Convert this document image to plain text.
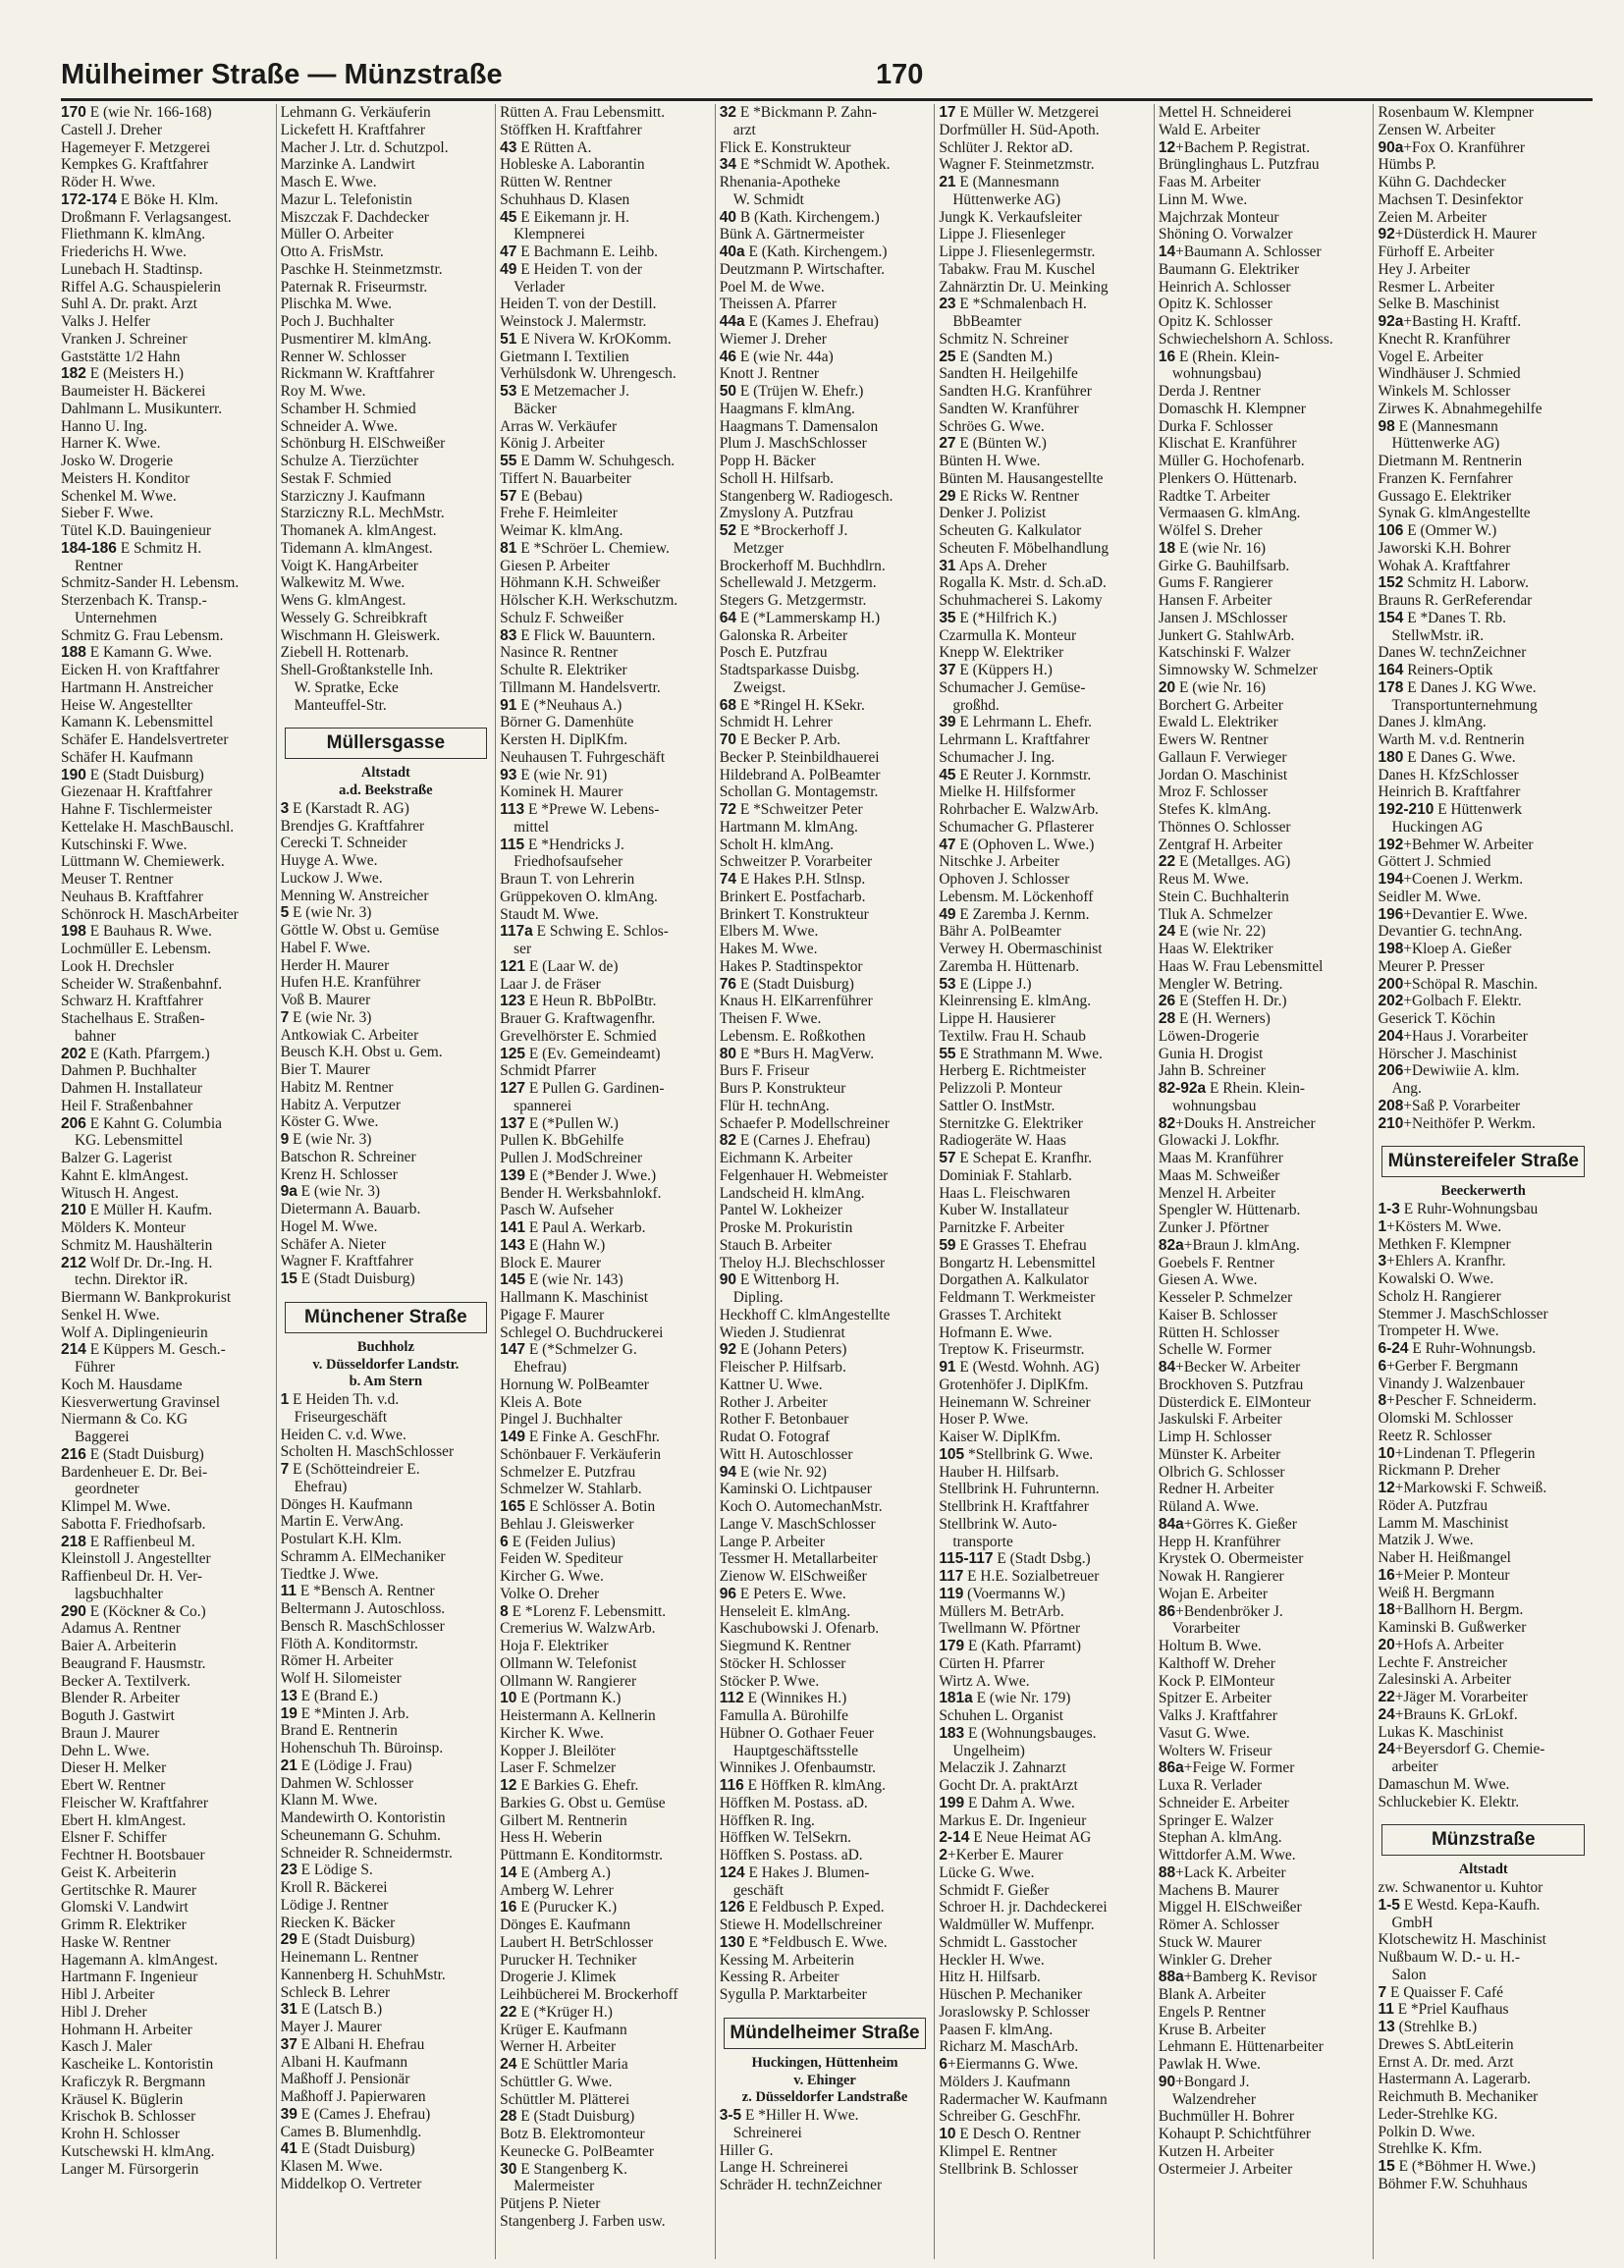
Mülheimer Straße — Münzstraße	170
170 E (wie Nr. 166-168)
Castell J. Dreher
Hagemeyer F. Metzgerei
Kempkes G. Kraftfahrer
Röder H. Wwe.
172-174 E Böke H. Klm.
Droßmann F. Verlagsangest.
Fliethmann K. klmAng.
Friederichs H. Wwe.
Lunebach H. Stadtinsp.
Riffel A.G. Schauspielerin
Suhl A. Dr. prakt. Arzt
Valks J. Helfer
Vranken J. Schreiner
Gaststätte 1/2 Hahn
182 E (Meisters H.)
Baumeister H. Bäckerei
Dahlmann L. Musikunterr.
Hanno U. Ing.
Harner K. Wwe.
Josko W. Drogerie
Meisters H. Konditor
Schenkel M. Wwe.
Sieber F. Wwe.
Tütel K.D. Bauingenieur
184-186 E Schmitz H.
Rentner
Schmitz-Sander H. Lebensm.
Sterzenbach K. Transp.-
Unternehmen
Schmitz G. Frau Lebensm.
188 E Kamann G. Wwe.
Eicken H. von Kraftfahrer
Hartmann H. Anstreicher
Heise W. Angestellter
Kamann K. Lebensmittel
Schäfer E. Handelsvertreter
Schäfer H. Kaufmann
190 E (Stadt Duisburg)
Giezenaar H. Kraftfahrer
Hahne F. Tischlermeister
Kettelake H. MaschBauschl.
Kutschinski F. Wwe.
Lüttmann W. Chemiewerk.
Meuser T. Rentner
Neuhaus B. Kraftfahrer
Schönrock H. MaschArbeiter
198 E Bauhaus R. Wwe.
Lochmüller E. Lebensm.
Look H. Drechsler
Scheider W. Straßenbahnf.
Schwarz H. Kraftfahrer
Stachelhaus E. Straßen-
bahner
202 E (Kath. Pfarrgem.)
Dahmen P. Buchhalter
Dahmen H. Installateur
Heil F. Straßenbahner
206 E Kahnt G. Columbia
KG. Lebensmittel
Balzer G. Lagerist
Kahnt E. klmAngest.
Witusch H. Angest.
210 E Müller H. Kaufm.
Mölders K. Monteur
Schmitz M. Haushälterin
212 Wolf Dr. Dr.-Ing. H.
techn. Direktor iR.
Biermann W. Bankprokurist
Senkel H. Wwe.
Wolf A. Diplingenieurin
214 E Küppers M. Gesch.-
Führer
Koch M. Hausdame
Kiesverwertung Gravinsel
Niermann & Co. KG
Baggerei
216 E (Stadt Duisburg)
Bardenheuer E. Dr. Bei-
geordneter
Klimpel M. Wwe.
Sabotta F. Friedhofsarb.
218 E Raffienbeul M.
Kleinstoll J. Angestellter
Raffienbeul Dr. H. Ver-
lagsbuchhalter
290 E (Köckner & Co.)
Adamus A. Rentner
Baier A. Arbeiterin
Beaugrand F. Hausmstr.
Becker A. Textilverk.
Blender R. Arbeiter
Boguth J. Gastwirt
Braun J. Maurer
Dehn L. Wwe.
Dieser H. Melker
Ebert W. Rentner
Fleischer W. Kraftfahrer
Ebert H. klmAngest.
Elsner F. Schiffer
Fechtner H. Bootsbauer
Geist K. Arbeiterin
Gertitschke R. Maurer
Glomski V. Landwirt
Grimm R. Elektriker
Haske W. Rentner
Hagemann A. klmAngest.
Hartmann F. Ingenieur
Hibl J. Arbeiter
Hibl J. Dreher
Hohmann H. Arbeiter
Kasch J. Maler
Kascheike L. Kontoristin
Kraficzyk R. Bergmann
Kräusel K. Büglerin
Krischok B. Schlosser
Krohn H. Schlosser
Kutschewski H. klmAng.
Langer M. Fürsorgerin
Lehmann G. Verkäuferin
Lickefett H. Kraftfahrer
Macher J. Ltr. d. Schutzpol.
Marzinke A. Landwirt
Masch E. Wwe.
Mazur L. Telefonistin
Miszczak F. Dachdecker
Müller O. Arbeiter
Otto A. FrisMstr.
Paschke H. Steinmetzmstr.
Paternak R. Friseurmstr.
Plischka M. Wwe.
Poch J. Buchhalter
Pusmentirer M. klmAng.
Renner W. Schlosser
Rickmann W. Kraftfahrer
Roy M. Wwe.
Schamber H. Schmied
Schneider A. Wwe.
Schönburg H. ElSchweißer
Schulze A. Tierzüchter
Sestak F. Schmied
Starziczny J. Kaufmann
Starziczny R.L. MechMstr.
Thomanek A. klmAngest.
Tidemann A. klmAngest.
Voigt K. HangArbeiter
Walkewitz M. Wwe.
Wens G. klmAngest.
Wessely G. Schreibkraft
Wischmann H. Gleiswerk.
Ziebell H. Rottenarb.
Shell-Großtankstelle Inh.
W. Spratke, Ecke
Manteuffel-Str.
Müllersgasse
Altstadt
a.d. Beekstraße
3 E (Karstadt R. AG)
Brendjes G. Kraftfahrer
Cerecki T. Schneider
Huyge A. Wwe.
Luckow J. Wwe.
Menning W. Anstreicher
5 E (wie Nr. 3)
Göttle W. Obst u. Gemüse
Habel F. Wwe.
Herder H. Maurer
Hufen H.E. Kranführer
Voß B. Maurer
7 E (wie Nr. 3)
Antkowiak C. Arbeiter
Beusch K.H. Obst u. Gem.
Bier T. Maurer
Habitz M. Rentner
Habitz A. Verputzer
Köster G. Wwe.
9 E (wie Nr. 3)
Batschon R. Schreiner
Krenz H. Schlosser
9a E (wie Nr. 3)
Dietermann A. Bauarb.
Hogel M. Wwe.
Schäfer A. Nieter
Wagner F. Kraftfahrer
15 E (Stadt Duisburg)
Münchener Straße
Buchholz
v. Düsseldorfer Landstr.
b. Am Stern
1 E Heiden Th. v.d.
Friseurgeschäft
Heiden C. v.d. Wwe.
Scholten H. MaschSchlosser
7 E (Schötteindreier E.
Ehefrau)
Dönges H. Kaufmann
Martin E. VerwAng.
Postulart K.H. Klm.
Schramm A. ElMechaniker
Tiedtke J. Wwe.
11 E *Bensch A. Rentner
Beltermann J. Autoschloss.
Bensch R. MaschSchlosser
Flöth A. Konditormstr.
Römer H. Arbeiter
Wolf H. Silomeister
13 E (Brand E.)
19 E *Minten J. Arb.
Brand E. Rentnerin
Hohenschuh Th. Büroinsp.
21 E (Lödige J. Frau)
Dahmen W. Schlosser
Klann M. Wwe.
Mandewirth O. Kontoristin
Scheunemann G. Schuhm.
Schneider R. Schneidermstr.
23 E Lödige S.
Kroll R. Bäckerei
Lödige J. Rentner
Riecken K. Bäcker
29 E (Stadt Duisburg)
Heinemann L. Rentner
Kannenberg H. SchuhMstr.
Schleck B. Lehrer
31 E (Latsch B.)
Mayer J. Maurer
37 E Albani H. Ehefrau
Albani H. Kaufmann
Maßhoff J. Pensionär
Maßhoff J. Papierwaren
39 E (Cames J. Ehefrau)
Cames B. Blumenhdlg.
41 E (Stadt Duisburg)
Klasen M. Wwe.
Middelkop O. Vertreter
Rütten A. Frau Lebensmitt.
Stöffken H. Kraftfahrer
43 E Rütten A.
Hobleske A. Laborantin
Rütten W. Rentner
Schuhhaus D. Klasen
45 E Eikemann jr. H.
Klempnerei
47 E Bachmann E. Leihb.
49 E Heiden T. von der
Verlader
Heiden T. von der Destill.
Weinstock J. Malermstr.
51 E Nivera W. KrOKomm.
Gietmann I. Textilien
Verhülsdonk W. Uhrengesch.
53 E Metzemacher J.
Bäcker
Arras W. Verkäufer
König J. Arbeiter
55 E Damm W. Schuhgesch.
Tiffert N. Bauarbeiter
57 E (Bebau)
Frehe F. Heimleiter
Weimar K. klmAng.
81 E *Schröer L. Chemiew.
Giesen P. Arbeiter
Höhmann K.H. Schweißer
Hölscher K.H. Werkschutzm.
Schulz F. Schweißer
83 E Flick W. Bauuntern.
Nasince R. Rentner
Schulte R. Elektriker
Tillmann M. Handelsvertr.
91 E (*Neuhaus A.)
Börner G. Damenhüte
Kersten H. DiplKfm.
Neuhausen T. Fuhrgeschäft
93 E (wie Nr. 91)
Kominek H. Maurer
113 E *Prewe W. Lebens-
mittel
115 E *Hendricks J.
Friedhofsaufseher
Braun T. von Lehrerin
Grüppekoven O. klmAng.
Staudt M. Wwe.
117a E Schwing E. Schlos-
ser
121 E (Laar W. de)
Laar J. de Fräser
123 E Heun R. BbPolBtr.
Brauer G. Kraftwagenfhr.
Grevelhörster E. Schmied
125 E (Ev. Gemeindeamt)
Schmidt Pfarrer
127 E Pullen G. Gardinen-
spannerei
137 E (*Pullen W.)
Pullen K. BbGehilfe
Pullen J. ModSchreiner
139 E (*Bender J. Wwe.)
Bender H. Werksbahnlokf.
Pasch W. Aufseher
141 E Paul A. Werkarb.
143 E (Hahn W.)
Block E. Maurer
145 E (wie Nr. 143)
Hallmann K. Maschinist
Pigage F. Maurer
Schlegel O. Buchdruckerei
147 E (*Schmelzer G.
Ehefrau)
Hornung W. PolBeamter
Kleis A. Bote
Pingel J. Buchhalter
149 E Finke A. GeschFhr.
Schönbauer F. Verkäuferin
Schmelzer E. Putzfrau
Schmelzer W. Stahlarb.
165 E Schlösser A. Botin
Behlau J. Gleiswerker
6 E (Feiden Julius)
Feiden W. Spediteur
Kircher G. Wwe.
Volke O. Dreher
8 E *Lorenz F. Lebensmitt.
Cremerius W. WalzwArb.
Hoja F. Elektriker
Ollmann W. Telefonist
Ollmann W. Rangierer
10 E (Portmann K.)
Heistermann A. Kellnerin
Kircher K. Wwe.
Kopper J. Bleilöter
Laser F. Schmelzer
12 E Barkies G. Ehefr.
Barkies G. Obst u. Gemüse
Gilbert M. Rentnerin
Hess H. Weberin
Püttmann E. Konditormstr.
14 E (Amberg A.)
Amberg W. Lehrer
16 E (Purucker K.)
Dönges E. Kaufmann
Laubert H. BetrSchlosser
Purucker H. Techniker
Drogerie J. Klimek
Leihbücherei M. Brockerhoff
22 E (*Krüger H.)
Krüger E. Kaufmann
Werner H. Arbeiter
24 E Schüttler Maria
Schüttler G. Wwe.
Schüttler M. Plätterei
28 E (Stadt Duisburg)
Botz B. Elektromonteur
Keunecke G. PolBeamter
30 E Stangenberg K.
Malermeister
Pütjens P. Nieter
Stangenberg J. Farben usw.
32 E *Bickmann P. Zahn-
arzt
Flick E. Konstrukteur
34 E *Schmidt W. Apothek.
Rhenania-Apotheke
W. Schmidt
40 B (Kath. Kirchengem.)
Bünk A. Gärtnermeister
40a E (Kath. Kirchengem.)
Deutzmann P. Wirtschafter.
Poel M. de Wwe.
Theissen A. Pfarrer
44a E (Kames J. Ehefrau)
Wiemer J. Dreher
46 E (wie Nr. 44a)
Knott J. Rentner
50 E (Trüjen W. Ehefr.)
Haagmans F. klmAng.
Haagmans T. Damensalon
Plum J. MaschSchlosser
Popp H. Bäcker
Scholl H. Hilfsarb.
Stangenberg W. Radiogesch.
Zmyslony A. Putzfrau
52 E *Brockerhoff J.
Metzger
Brockerhoff M. Buchhdlrn.
Schellewald J. Metzgerm.
Stegers G. Metzgermstr.
64 E (*Lammerskamp H.)
Galonska R. Arbeiter
Posch E. Putzfrau
Stadtsparkasse Duisbg.
Zweigst.
68 E *Ringel H. KSekr.
Schmidt H. Lehrer
70 E Becker P. Arb.
Becker P. Steinbildhauerei
Hildebrand A. PolBeamter
Schollan G. Montagemstr.
72 E *Schweitzer Peter
Hartmann M. klmAng.
Scholt H. klmAng.
Schweitzer P. Vorarbeiter
74 E Hakes P.H. Stlnsp.
Brinkert E. Postfacharb.
Brinkert T. Konstrukteur
Elbers M. Wwe.
Hakes M. Wwe.
Hakes P. Stadtinspektor
76 E (Stadt Duisburg)
Knaus H. ElKarrenführer
Theisen F. Wwe.
Lebensm. E. Roßkothen
80 E *Burs H. MagVerw.
Burs F. Friseur
Burs P. Konstrukteur
Flür H. technAng.
Schaefer P. Modellschreiner
82 E (Carnes J. Ehefrau)
Eichmann K. Arbeiter
Felgenhauer H. Webmeister
Landscheid H. klmAng.
Pantel W. Lokheizer
Proske M. Prokuristin
Stauch B. Arbeiter
Theloy H.J. Blechschlosser
90 E Wittenborg H.
Dipling.
Heckhoff C. klmAngestellte
Wieden J. Studienrat
92 E (Johann Peters)
Fleischer P. Hilfsarb.
Kattner U. Wwe.
Rother J. Arbeiter
Rother F. Betonbauer
Rudat O. Fotograf
Witt H. Autoschlosser
94 E (wie Nr. 92)
Kaminski O. Lichtpauser
Koch O. AutomechanMstr.
Lange V. MaschSchlosser
Lange P. Arbeiter
Tessmer H. Metallarbeiter
Zienow W. ElSchweißer
96 E Peters E. Wwe.
Henseleit E. klmAng.
Kaschubowski J. Ofenarb.
Siegmund K. Rentner
Stöcker H. Schlosser
Stöcker P. Wwe.
112 E (Winnikes H.)
Famulla A. Bürohilfe
Hübner O. Gothaer Feuer
Hauptgeschäftsstelle
Winnikes J. Ofenbaumstr.
116 E Höffken R. klmAng.
Höffken M. Postass. aD.
Höffken R. Ing.
Höffken W. TelSekrn.
Höffken S. Postass. aD.
124 E Hakes J. Blumen-
geschäft
126 E Feldbusch P. Exped.
Stiewe H. Modellschreiner
130 E *Feldbusch E. Wwe.
Kessing M. Arbeiterin
Kessing R. Arbeiter
Sygulla P. Marktarbeiter
Mündelheimer Straße
Huckingen, Hüttenheim
v. Ehinger
z. Düsseldorfer Landstraße
3-5 E *Hiller H. Wwe.
Schreinerei
Hiller G.
Lange H. Schreinerei
Schräder H. technZeichner
17 E Müller W. Metzgerei
Dorfmüller H. Süd-Apoth.
Schlüter J. Rektor aD.
Wagner F. Steinmetzmstr.
21 E (Mannesmann
Hüttenwerke AG)
Jungk K. Verkaufsleiter
Lippe J. Fliesenleger
Lippe J. Fliesenlegermstr.
Tabakw. Frau M. Kuschel
Zahnärztin Dr. U. Meinking
23 E *Schmalenbach H.
BbBeamter
Schmitz N. Schreiner
25 E (Sandten M.)
Sandten H. Heilgehilfe
Sandten H.G. Kranführer
Sandten W. Kranführer
Schröes G. Wwe.
27 E (Bünten W.)
Bünten H. Wwe.
Bünten M. Hausangestellte
29 E Ricks W. Rentner
Denker J. Polizist
Scheuten G. Kalkulator
Scheuten F. Möbelhandlung
31 Aps A. Dreher
Rogalla K. Mstr. d. Sch.aD.
Schuhmacherei S. Lakomy
35 E (*Hilfrich K.)
Czarmulla K. Monteur
Knepp W. Elektriker
37 E (Küppers H.)
Schumacher J. Gemüse-
großhd.
39 E Lehrmann L. Ehefr.
Lehrmann L. Kraftfahrer
Schumacher J. Ing.
45 E Reuter J. Kornmstr.
Mielke H. Hilfsformer
Rohrbacher E. WalzwArb.
Schumacher G. Pflasterer
47 E (Ophoven L. Wwe.)
Nitschke J. Arbeiter
Ophoven J. Schlosser
Lebensm. M. Löckenhoff
49 E Zaremba J. Kernm.
Bähr A. PolBeamter
Verwey H. Obermaschinist
Zaremba H. Hüttenarb.
53 E (Lippe J.)
Kleinrensing E. klmAng.
Lippe H. Hausierer
Textilw. Frau H. Schaub
55 E Strathmann M. Wwe.
Herberg E. Richtmeister
Pelizzoli P. Monteur
Sattler O. InstMstr.
Sternitzke G. Elektriker
Radiogeräte W. Haas
57 E Schepat E. Kranfhr.
Dominiak F. Stahlarb.
Haas L. Fleischwaren
Kuber W. Installateur
Parnitzke F. Arbeiter
59 E Grasses T. Ehefrau
Bongartz H. Lebensmittel
Dorgathen A. Kalkulator
Feldmann T. Werkmeister
Grasses T. Architekt
Hofmann E. Wwe.
Treptow K. Friseurmstr.
91 E (Westd. Wohnh. AG)
Grotenhöfer J. DiplKfm.
Heinemann W. Schreiner
Hoser P. Wwe.
Kaiser W. DiplKfm.
105 *Stellbrink G. Wwe.
Hauber H. Hilfsarb.
Stellbrink H. Fuhrunternn.
Stellbrink H. Kraftfahrer
Stellbrink W. Auto-
transporte
115-117 E (Stadt Dsbg.)
117 E H.E. Sozialbetreuer
119 (Voermanns W.)
Müllers M. BetrArb.
Twellmann W. Pförtner
179 E (Kath. Pfarramt)
Cürten H. Pfarrer
Wirtz A. Wwe.
181a E (wie Nr. 179)
Schuhen L. Organist
183 E (Wohnungsbauges.
Ungelheim)
Melaczik J. Zahnarzt
Gocht Dr. A. praktArzt
199 E Dahm A. Wwe.
Markus E. Dr. Ingenieur
2-14 E Neue Heimat AG
2+Kerber E. Maurer
Lücke G. Wwe.
Schmidt F. Gießer
Schroer H. jr. Dachdeckerei
Waldmüller W. Muffenpr.
Schmidt L. Gasstocher
Heckler H. Wwe.
Hitz H. Hilfsarb.
Hüschen P. Mechaniker
Joraslowsky P. Schlosser
Paasen F. klmAng.
Richarz M. MaschArb.
6+Eiermanns G. Wwe.
Mölders J. Kaufmann
Radermacher W. Kaufmann
Schreiber G. GeschFhr.
10 E Desch O. Rentner
Klimpel E. Rentner
Stellbrink B. Schlosser
Mettel H. Schneiderei
Wald E. Arbeiter
12+Bachem P. Registrat.
Brünglinghaus L. Putzfrau
Faas M. Arbeiter
Linn M. Wwe.
Majchrzak Monteur
Shöning O. Vorwalzer
14+Baumann A. Schlosser
Baumann G. Elektriker
Heinrich A. Schlosser
Opitz K. Schlosser
Opitz K. Schlosser
Schwiechelshorn A. Schloss.
16 E (Rhein. Klein-
wohnungsbau)
Derda J. Rentner
Domaschk H. Klempner
Durka F. Schlosser
Klischat E. Kranführer
Müller G. Hochofenarb.
Plenkers O. Hüttenarb.
Radtke T. Arbeiter
Vermaasen G. klmAng.
Wölfel S. Dreher
18 E (wie Nr. 16)
Girke G. Bauhilfsarb.
Gums F. Rangierer
Hansen F. Arbeiter
Jansen J. MSchlosser
Junkert G. StahlwArb.
Katschinski F. Walzer
Simnowsky W. Schmelzer
20 E (wie Nr. 16)
Borchert G. Arbeiter
Ewald L. Elektriker
Ewers W. Rentner
Gallaun F. Verwieger
Jordan O. Maschinist
Mroz F. Schlosser
Stefes K. klmAng.
Thönnes O. Schlosser
Zentgraf H. Arbeiter
22 E (Metallges. AG)
Reus M. Wwe.
Stein C. Buchhalterin
Tluk A. Schmelzer
24 E (wie Nr. 22)
Haas W. Elektriker
Haas W. Frau Lebensmittel
Mengler W. Betring.
26 E (Steffen H. Dr.)
28 E (H. Werners)
Löwen-Drogerie
Gunia H. Drogist
Jahn B. Schreiner
82-92a E Rhein. Klein-
wohnungsbau
82+Douks H. Anstreicher
Glowacki J. Lokfhr.
Maas M. Kranführer
Maas M. Schweißer
Menzel H. Arbeiter
Spengler W. Hüttenarb.
Zunker J. Pförtner
82a+Braun J. klmAng.
Goebels F. Rentner
Giesen A. Wwe.
Kesseler P. Schmelzer
Kaiser B. Schlosser
Rütten H. Schlosser
Schelle W. Former
84+Becker W. Arbeiter
Brockhoven S. Putzfrau
Düsterdick E. ElMonteur
Jaskulski F. Arbeiter
Limp H. Schlosser
Münster K. Arbeiter
Olbrich G. Schlosser
Redner H. Arbeiter
Rüland A. Wwe.
84a+Görres K. Gießer
Hepp H. Kranführer
Krystek O. Obermeister
Nowak H. Rangierer
Wojan E. Arbeiter
86+Bendenbröker J.
Vorarbeiter
Holtum B. Wwe.
Kalthoff W. Dreher
Kock P. ElMonteur
Spitzer E. Arbeiter
Valks J. Kraftfahrer
Vasut G. Wwe.
Wolters W. Friseur
86a+Feige W. Former
Luxa R. Verlader
Schneider E. Arbeiter
Springer E. Walzer
Stephan A. klmAng.
Wittdorfer A.M. Wwe.
88+Lack K. Arbeiter
Machens B. Maurer
Miggel H. ElSchweißer
Römer A. Schlosser
Stuck W. Maurer
Winkler G. Dreher
88a+Bamberg K. Revisor
Blank A. Arbeiter
Engels P. Rentner
Kruse B. Arbeiter
Lehmann E. Hüttenarbeiter
Pawlak H. Wwe.
90+Bongard J.
Walzendreher
Buchmüller H. Bohrer
Kohaupt P. Schichtführer
Kutzen H. Arbeiter
Ostermeier J. Arbeiter
Rosenbaum W. Klempner
Zensen W. Arbeiter
90a+Fox O. Kranführer
Hümbs P.
Kühn G. Dachdecker
Machsen T. Desinfektor
Zeien M. Arbeiter
92+Düsterdick H. Maurer
Fürhoff E. Arbeiter
Hey J. Arbeiter
Resmer L. Arbeiter
Selke B. Maschinist
92a+Basting H. Kraftf.
Knecht R. Kranführer
Vogel E. Arbeiter
Windhäuser J. Schmied
Winkels M. Schlosser
Zirwes K. Abnahmegehilfe
98 E (Mannesmann
Hüttenwerke AG)
Dietmann M. Rentnerin
Franzen K. Fernfahrer
Gussago E. Elektriker
Synak G. klmAngestellte
106 E (Ommer W.)
Jaworski K.H. Bohrer
Wohak A. Kraftfahrer
152 Schmitz H. Laborw.
Brauns R. GerReferendar
154 E *Danes T. Rb.
StellwMstr. iR.
Danes W. technZeichner
164 Reiners-Optik
178 E Danes J. KG Wwe.
Transportunternehmung
Danes J. klmAng.
Warth M. v.d. Rentnerin
180 E Danes G. Wwe.
Danes H. KfzSchlosser
Heinrich B. Kraftfahrer
192-210 E Hüttenwerk
Huckingen AG
192+Behmer W. Arbeiter
Göttert J. Schmied
194+Coenen J. Werkm.
Seidler M. Wwe.
196+Devantier E. Wwe.
Devantier G. technAng.
198+Kloep A. Gießer
Meurer P. Presser
200+Schöpal R. Maschin.
202+Golbach F. Elektr.
Geserick T. Köchin
204+Haus J. Vorarbeiter
Hörscher J. Maschinist
206+Dewiwiie A. klm.
Ang.
208+Saß P. Vorarbeiter
210+Neithöfer P. Werkm.
Münstereifeler Straße
Beeckerwerth
1-3 E Ruhr-Wohnungsbau
1+Kösters M. Wwe.
Methken F. Klempner
3+Ehlers A. Kranfhr.
Kowalski O. Wwe.
Scholz H. Rangierer
Stemmer J. MaschSchlosser
Trompeter H. Wwe.
6-24 E Ruhr-Wohnungsb.
6+Gerber F. Bergmann
Vinandy J. Walzenbauer
8+Pescher F. Schneiderm.
Olomski M. Schlosser
Reetz R. Schlosser
10+Lindenan T. Pflegerin
Rickmann P. Dreher
12+Markowski F. Schweiß.
Röder A. Putzfrau
Lamm M. Maschinist
Matzik J. Wwe.
Naber H. Heißmangel
16+Meier P. Monteur
Weiß H. Bergmann
18+Ballhorn H. Bergm.
Kaminski B. Gußwerker
20+Hofs A. Arbeiter
Lechte F. Anstreicher
Zalesinski A. Arbeiter
22+Jäger M. Vorarbeiter
24+Brauns K. GrLokf.
Lukas K. Maschinist
24+Beyersdorf G. Chemie-
arbeiter
Damaschun M. Wwe.
Schluckebier K. Elektr.
Münzstraße
Altstadt
zw. Schwanentor u. Kuhtor
1-5 E Westd. Kepa-Kaufh.
GmbH
Klotschewitz H. Maschinist
Nußbaum W. D.- u. H.-
Salon
7 E Quaisser F. Café
11 E *Priel Kaufhaus
13 (Strehlke B.)
Drewes S. AbtLeiterin
Ernst A. Dr. med. Arzt
Hastermann A. Lagerarb.
Reichmuth B. Mechaniker
Leder-Strehlke KG.
Polkin D. Wwe.
Strehlke K. Kfm.
15 E (*Böhmer H. Wwe.)
Böhmer F.W. Schuhhaus
